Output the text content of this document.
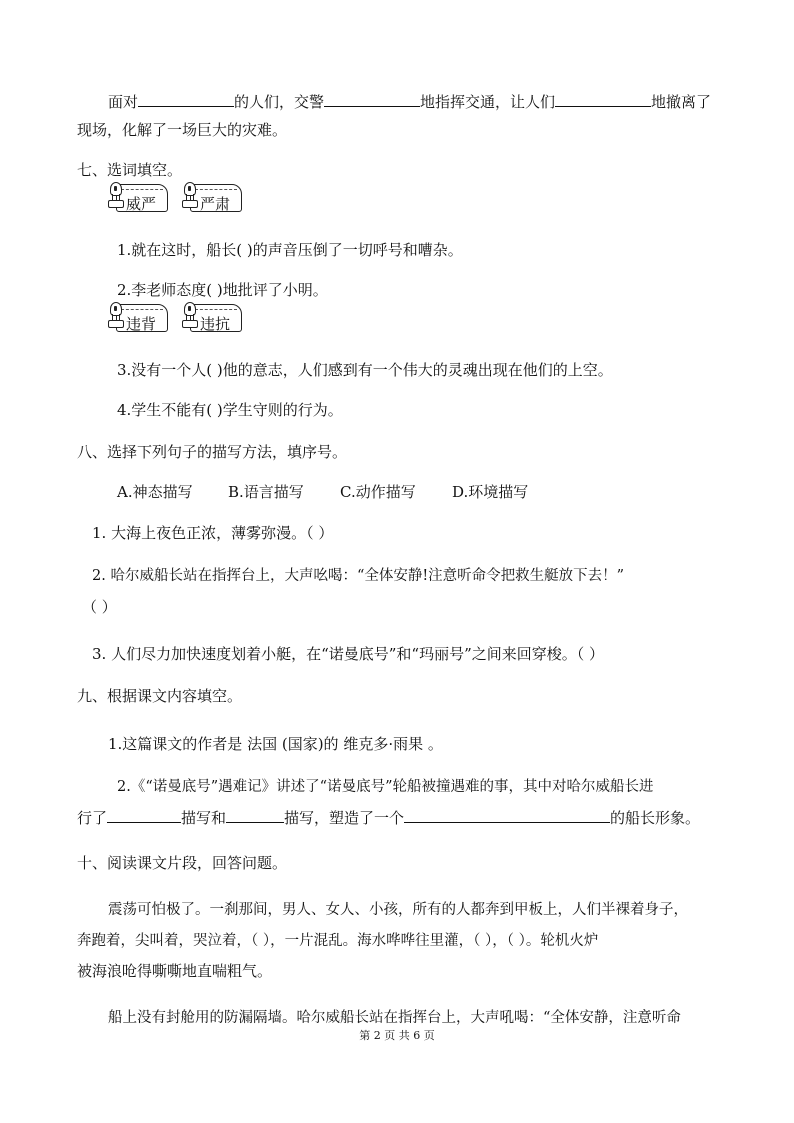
面对	的人们，交警	地指挥交通，让人们	地撤离了
现场，化解了一场巨大的灾难。
七、选词填空。
威严	严肃
1.就在这时，船长( )的声音压倒了一切呼号和嘈杂。
2.李老师态度( )地批评了小明。
违背	违抗
3.没有一个人( )他的意志，人们感到有一个伟大的灵魂出现在他们的上空。
4.学生不能有( )学生守则的行为。
八、选择下列句子的描写方法，填序号。
A.神态描写 B.语言描写 C.动作描写 D.环境描写
1. 大海上夜色正浓，薄雾弥漫。（ ）
2. 哈尔威船长站在指挥台上，大声吆喝：“全体安静!注意听命令把救生艇放下去！”
（ ）
3. 人们尽力加快速度划着小艇，在“诺曼底号”和“玛丽号”之间来回穿梭。（ ）
九、根据课文内容填空。
1.这篇课文的作者是 法国 (国家)的 维克多·雨果 。
2.《“诺曼底号”遇难记》讲述了“诺曼底号”轮船被撞遇难的事，其中对哈尔威船长进
行了	描写和	描写，塑造了一个	的船长形象。
十、阅读课文片段，回答问题。
震荡可怕极了。一刹那间，男人、女人、小孩，所有的人都奔到甲板上，人们半裸着身子，
奔跑着，尖叫着，哭泣着，（ ），一片混乱。海水哗哗往里灌，（ ），（ ）。轮机火炉
被海浪呛得嘶嘶地直喘粗气。
船上没有封舱用的防漏隔墙。哈尔威船长站在指挥台上，大声吼喝：“全体安静，注意听命
第 2 页 共 6 页
